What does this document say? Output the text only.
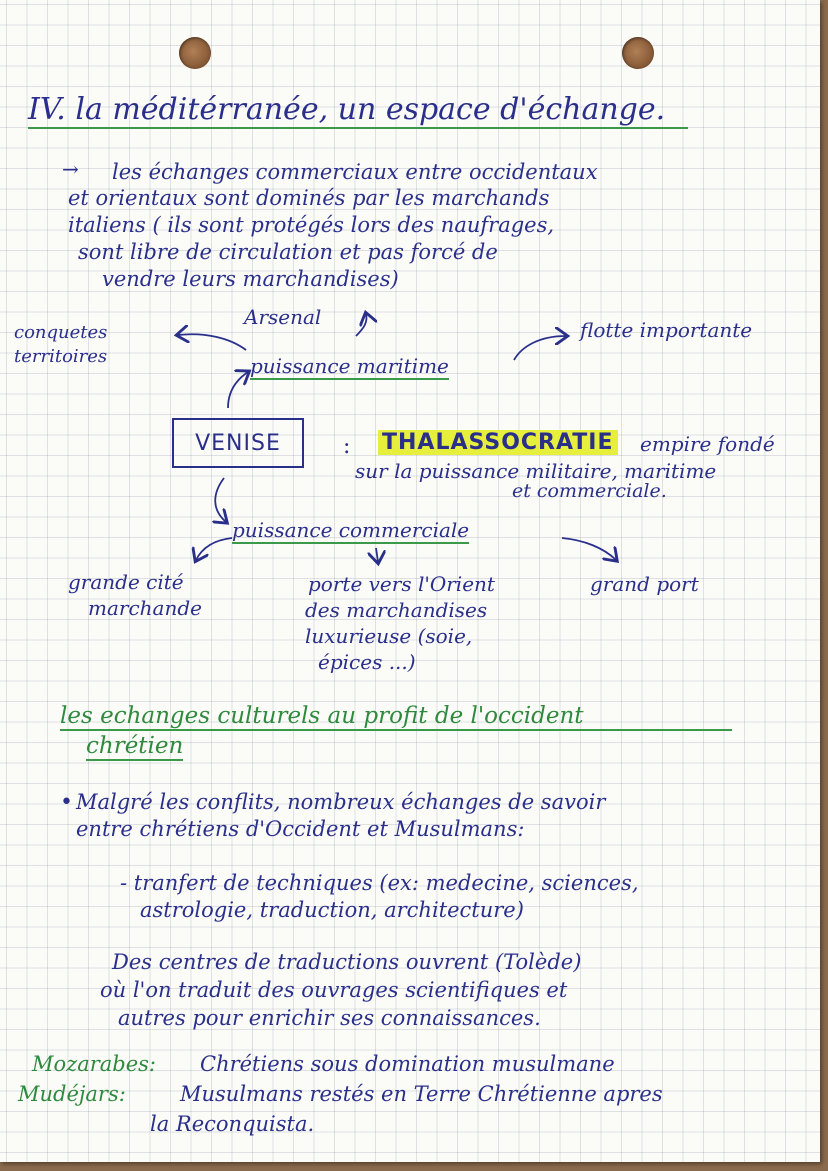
IV. la méditérranée, un espace d'échange.
→ les échanges commerciaux entre occidentaux
et orientaux sont dominés par les marchands
italiens ( ils sont protégés lors des naufrages,
sont libre de circulation et pas forcé de
vendre leurs marchandises)
Arsenal
conquetes
territoires	puissance maritime
flotte importante
VENISE	: THALASSOCRATIE empire fondé
sur la puissance militaire, maritime
et commerciale.
puissance commerciale
grande cité
marchande
porte vers l'Orient
des marchandises
luxurieuse (soie,
épices ...)
grand port
les echanges culturels au profit de l'occident
chrétien
• Malgré les conflits, nombreux échanges de savoir
entre chrétiens d'Occident et Musulmans:
- tranfert de techniques (ex: medecine, sciences,
astrologie, traduction, architecture)
Des centres de traductions ouvrent (Tolède)
où l'on traduit des ouvrages scientifiques et
autres pour enrichir ses connaissances.
Mozarabes: Chrétiens sous domination musulmane
Mudéjars:	Musulmans restés en Terre Chrétienne apres
la Reconquista.
